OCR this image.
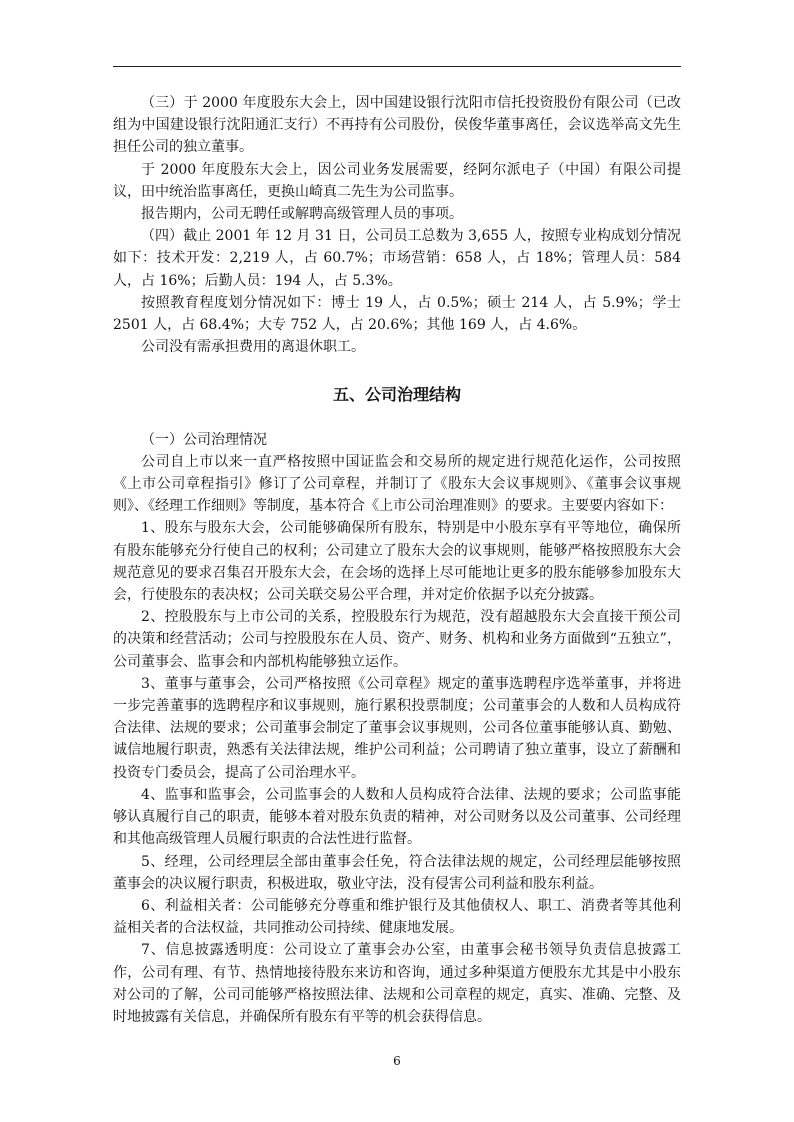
（三）于 2000 年度股东大会上，因中国建设银行沈阳市信托投资股份有限公司（已改组为中国建设银行沈阳通汇支行）不再持有公司股份，侯俊华董事离任，会议选举高文先生担任公司的独立董事。

于 2000 年度股东大会上，因公司业务发展需要，经阿尔派电子（中国）有限公司提议，田中统治监事离任，更换山崎真二先生为公司监事。

报告期内，公司无聘任或解聘高级管理人员的事项。

（四）截止 2001 年 12 月 31 日，公司员工总数为 3,655 人，按照专业构成划分情况如下：技术开发：2,219 人，占 60.7%；市场营销：658 人，占 18%；管理人员：584 人，占 16%；后勤人员：194 人，占 5.3%。

按照教育程度划分情况如下：博士 19 人，占 0.5%；硕士 214 人，占 5.9%；学士 2501 人，占 68.4%；大专 752 人，占 20.6%；其他 169 人，占 4.6%。

公司没有需承担费用的离退休职工。

五、公司治理结构

（一）公司治理情况

公司自上市以来一直严格按照中国证监会和交易所的规定进行规范化运作，公司按照《上市公司章程指引》修订了公司章程，并制订了《股东大会议事规则》、《董事会议事规则》、《经理工作细则》等制度，基本符合《上市公司治理准则》的要求。主要要内容如下：

1、股东与股东大会，公司能够确保所有股东，特别是中小股东享有平等地位，确保所有股东能够充分行使自己的权利；公司建立了股东大会的议事规则，能够严格按照股东大会规范意见的要求召集召开股东大会，在会场的选择上尽可能地让更多的股东能够参加股东大会，行使股东的表决权；公司关联交易公平合理，并对定价依据予以充分披露。

2、控股股东与上市公司的关系，控股股东行为规范，没有超越股东大会直接干预公司的决策和经营活动；公司与控股股东在人员、资产、财务、机构和业务方面做到“五独立”，公司董事会、监事会和内部机构能够独立运作。

3、董事与董事会，公司严格按照《公司章程》规定的董事选聘程序选举董事，并将进一步完善董事的选聘程序和议事规则，施行累积投票制度；公司董事会的人数和人员构成符合法律、法规的要求；公司董事会制定了董事会议事规则，公司各位董事能够认真、勤勉、诚信地履行职责，熟悉有关法律法规，维护公司利益；公司聘请了独立董事，设立了薪酬和投资专门委员会，提高了公司治理水平。

4、监事和监事会，公司监事会的人数和人员构成符合法律、法规的要求；公司监事能够认真履行自己的职责，能够本着对股东负责的精神，对公司财务以及公司董事、公司经理和其他高级管理人员履行职责的合法性进行监督。

5、经理，公司经理层全部由董事会任免，符合法律法规的规定，公司经理层能够按照董事会的决议履行职责，积极进取，敬业守法，没有侵害公司利益和股东利益。

6、利益相关者：公司能够充分尊重和维护银行及其他债权人、职工、消费者等其他利益相关者的合法权益，共同推动公司持续、健康地发展。

7、信息披露透明度：公司设立了董事会办公室，由董事会秘书领导负责信息披露工作，公司有理、有节、热情地接待股东来访和咨询，通过多种渠道方便股东尤其是中小股东对公司的了解，公司司能够严格按照法律、法规和公司章程的规定，真实、准确、完整、及时地披露有关信息，并确保所有股东有平等的机会获得信息。

6
